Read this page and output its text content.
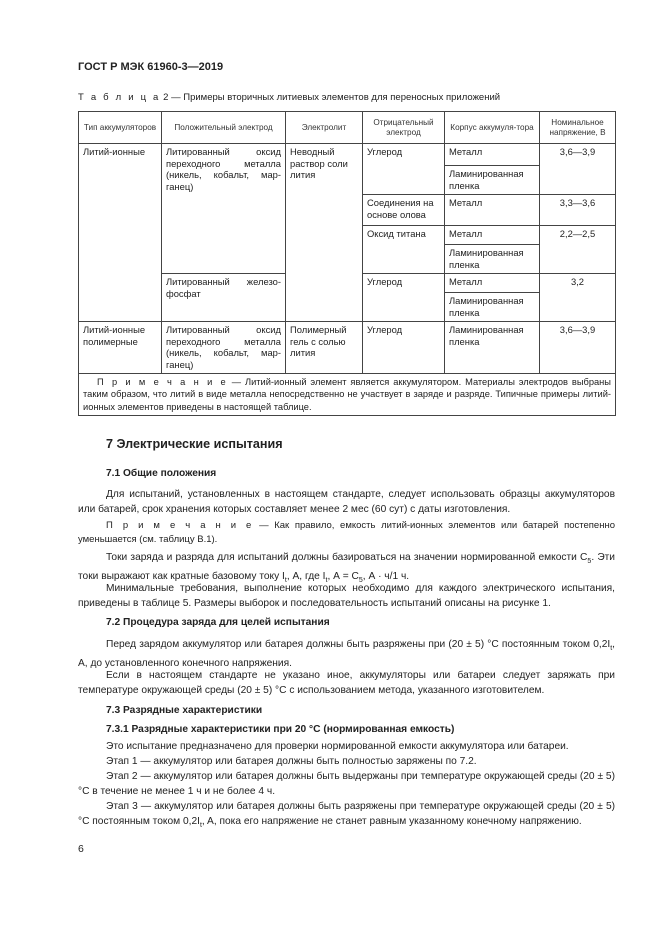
ГОСТ Р МЭК 61960-3—2019
Т а б л и ц а 2 — Примеры вторичных литиевых элементов для переносных приложений
Тип аккумуляторов	Положительный электрод	Электролит	Отрицательный электрод	Корпус аккумуля-тора	Номинальное напряжение, В
Литий-ионные	Литированный оксид переходного металла (никель, кобальт, мар-ганец)	Неводный раствор соли лития	Углерод	Металл	3,6—3,9
				Ламинированная пленка	
			Соединения на основе олова	Металл	3,3—3,6
			Оксид титана	Металл	2,2—2,5
				Ламинированная пленка	

	Литированный железо-фосфат		Углерод	Металл	3,2
				Ламинированная пленка	
Литий-ионные полимерные	Литированный оксид переходного металла (никель, кобальт, мар-ганец)	Полимерный гель с солью лития	Углерод	Ламинированная пленка	3,6—3,9
П р и м е ч а н и е — Литий-ионный элемент является аккумулятором. Материалы электродов выбраны таким образом, что литий в виде металла непосредственно не участвует в заряде и разряде. Типичные примеры литий-ионных элементов приведены в настоящей таблице.					
7 Электрические испытания
7.1 Общие положения

Для испытаний, установленных в настоящем стандарте, следует использовать образцы аккумуляторов или батарей, срок хранения которых составляет менее 2 мес (60 сут) с даты изготовления.

П р и м е ч а н и е — Как правило, емкость литий-ионных элементов или батарей постепенно уменьшается (см. таблицу В.1).

Токи заряда и разряда для испытаний должны базироваться на значении нормированной емкости $C_5$. Эти токи выражают как кратные базовому току $I_t$, А, где $I_t$, $А = C_5$, А · ч/1 ч.

Минимальные требования, выполнение которых необходимо для каждого электрического испытания, приведены в таблице 5. Размеры выборок и последовательность испытаний описаны на рисунке 1.

7.2 Процедура заряда для целей испытания

Перед зарядом аккумулятор или батарея должны быть разряжены при (20 ± 5) °С постоянным током $0,2I_t$, А, до установленного конечного напряжения.

Если в настоящем стандарте не указано иное, аккумуляторы или батареи следует заряжать при температуре окружающей среды (20 ± 5) °С с использованием метода, указанного изготовителем.

7.3 Разрядные характеристики
7.3.1 Разрядные характеристики при 20 °С (нормированная емкость)

Это испытание предназначено для проверки нормированной емкости аккумулятора или батареи.

Этап 1 — аккумулятор или батарея должны быть полностью заряжены по 7.2.

Этап 2 — аккумулятор или батарея должны быть выдержаны при температуре окружающей среды (20 ± 5) °С в течение не менее 1 ч и не более 4 ч.

Этап 3 — аккумулятор или батарея должны быть разряжены при температуре окружающей среды (20 ± 5) °С постоянным током $0,2I_t$, A, пока его напряжение не станет равным указанному конечному напряжению.

6
